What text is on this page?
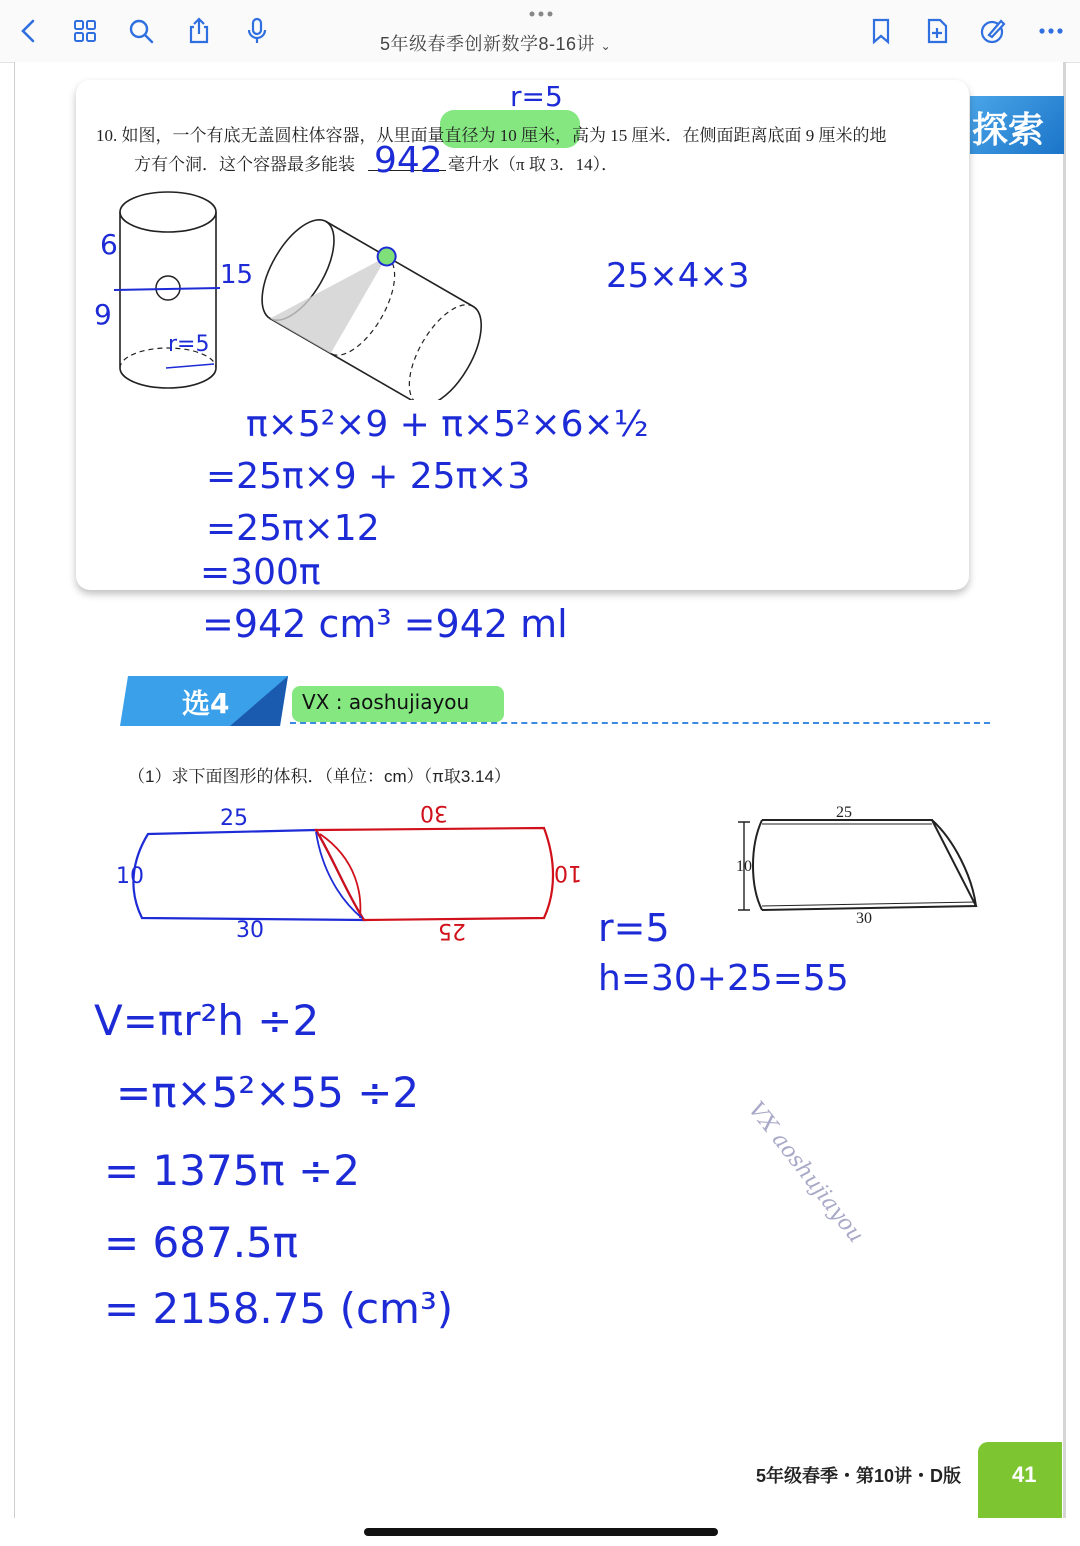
5年级春季创新数学8-16讲 ⌄
探索
10. 如图，一个有底无盖圆柱体容器，从里面量直径为 10 厘米，高为 15 厘米．在侧面距离底面 9 厘米的地
方有个洞．这个容器最多能装	毫升水（π 取 3．14）．
r=5
942
6
9
15
r=5
25×4×3
π×5²×9 + π×5²×6×½
=25π×9 + 25π×3
=25π×12
=300π
=942 cm³ =942 ml
选4	VX : aoshujiayou
（1）求下面图形的体积．（单位：cm）（π取3.14）
25	30
10	10
30	25
25
10
30
r=5
h=30+25=55
V=πr²h ÷2
=π×5²×55 ÷2
= 1375π ÷2
= 687.5π
= 2158.75 (cm³)
VX aoshujiayou
5年级春季・第10讲・D版 41
